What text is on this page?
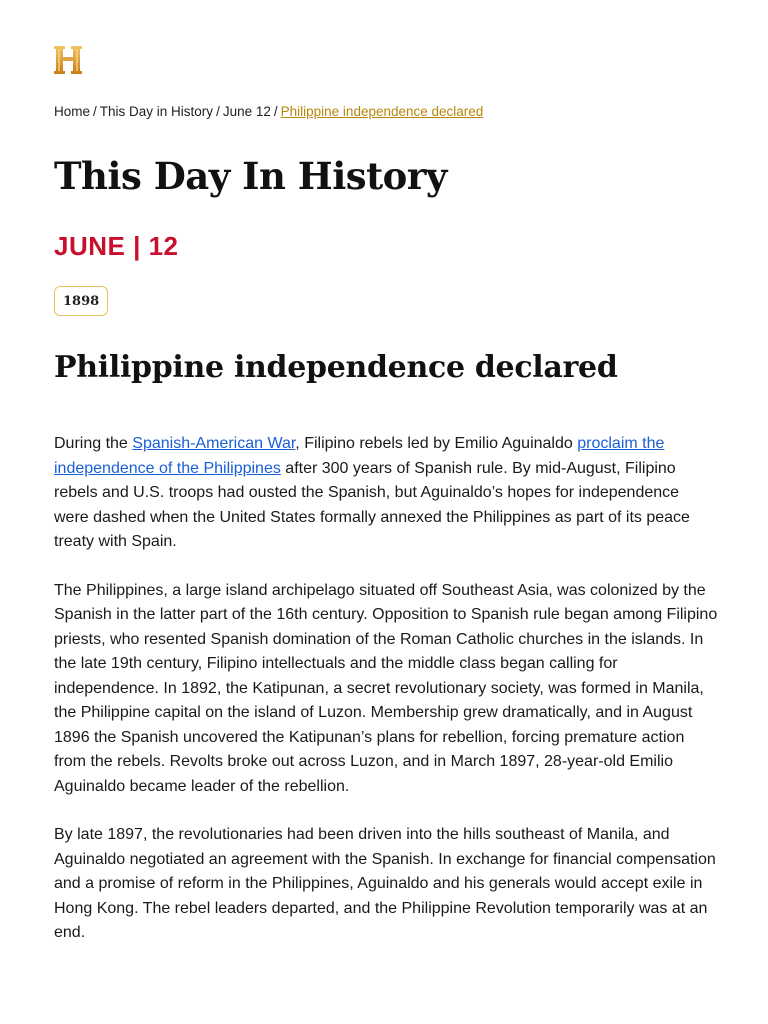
Home / This Day in History / June 12 / Philippine independence declared
This Day In History
JUNE | 12
1898
Philippine independence declared

During the Spanish-American War, Filipino rebels led by Emilio Aguinaldo proclaim the independence of the Philippines after 300 years of Spanish rule. By mid-August, Filipino rebels and U.S. troops had ousted the Spanish, but Aguinaldo’s hopes for independence were dashed when the United States formally annexed the Philippines as part of its peace treaty with Spain.

The Philippines, a large island archipelago situated off Southeast Asia, was colonized by the Spanish in the latter part of the 16th century. Opposition to Spanish rule began among Filipino priests, who resented Spanish domination of the Roman Catholic churches in the islands. In the late 19th century, Filipino intellectuals and the middle class began calling for independence. In 1892, the Katipunan, a secret revolutionary society, was formed in Manila, the Philippine capital on the island of Luzon. Membership grew dramatically, and in August 1896 the Spanish uncovered the Katipunan’s plans for rebellion, forcing premature action from the rebels. Revolts broke out across Luzon, and in March 1897, 28-year-old Emilio Aguinaldo became leader of the rebellion.

By late 1897, the revolutionaries had been driven into the hills southeast of Manila, and Aguinaldo negotiated an agreement with the Spanish. In exchange for financial compensation and a promise of reform in the Philippines, Aguinaldo and his generals would accept exile in Hong Kong. The rebel leaders departed, and the Philippine Revolution temporarily was at an end.
